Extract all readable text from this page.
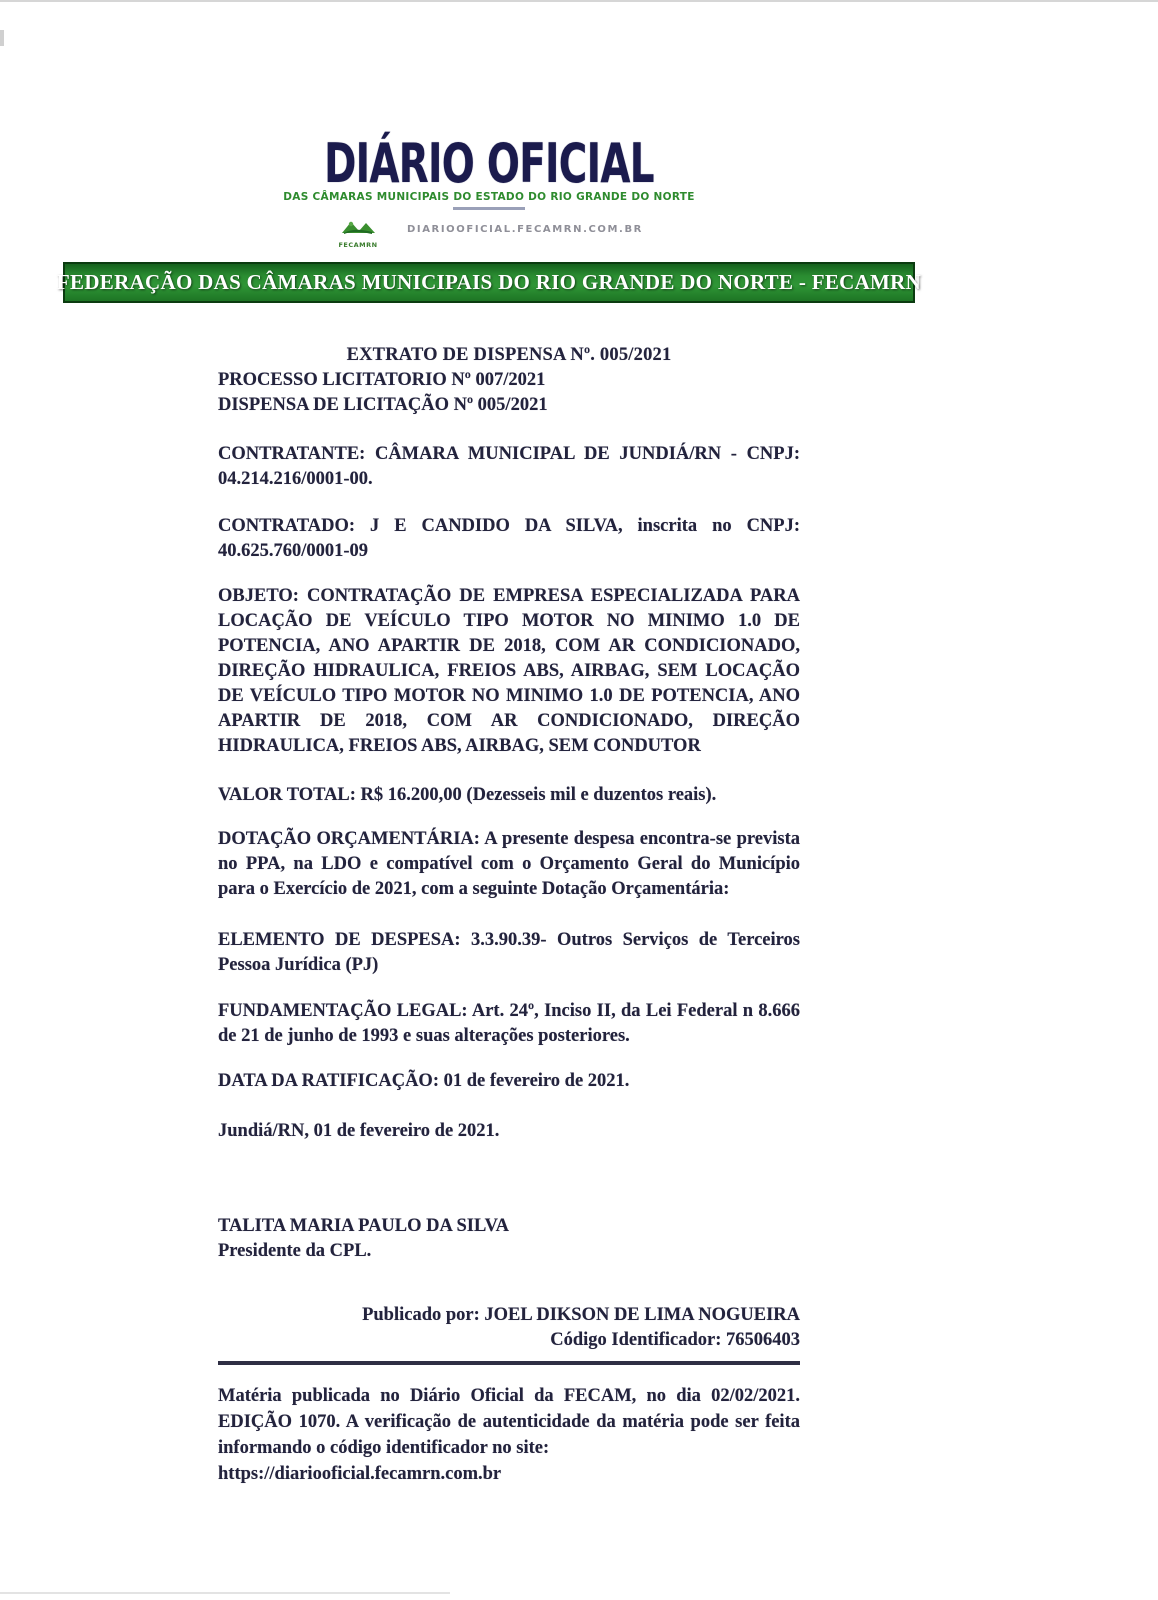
DIÁRIO OFICIAL
DAS CÂMARAS MUNICIPAIS DO ESTADO DO RIO GRANDE DO NORTE
FECAMRN
DIARIOOFICIAL.FECAMRN.COM.BR
FEDERAÇÃO DAS CÂMARAS MUNICIPAIS DO RIO GRANDE DO NORTE - FECAMRN

EXTRATO DE DISPENSA Nº. 005/2021

PROCESSO LICITATORIO Nº 007/2021
DISPENSA DE LICITAÇÃO Nº 005/2021

CONTRATANTE: CÂMARA MUNICIPAL DE JUNDIÁ/RN - CNPJ: 04.214.216/0001-00.

CONTRATADO: J E CANDIDO DA SILVA, inscrita no CNPJ: 40.625.760/0001-09

OBJETO: CONTRATAÇÃO DE EMPRESA ESPECIALIZADA PARA LOCAÇÃO DE VEÍCULO TIPO MOTOR NO MINIMO 1.0 DE POTENCIA, ANO APARTIR DE 2018, COM AR CONDICIONADO, DIREÇÃO HIDRAULICA, FREIOS ABS, AIRBAG, SEM LOCAÇÃO DE VEÍCULO TIPO MOTOR NO MINIMO 1.0 DE POTENCIA, ANO APARTIR DE 2018, COM AR CONDICIONADO, DIREÇÃO HIDRAULICA, FREIOS ABS, AIRBAG, SEM CONDUTOR

VALOR TOTAL: R$ 16.200,00 (Dezesseis mil e duzentos reais).

DOTAÇÃO ORÇAMENTÁRIA: A presente despesa encontra-se prevista no PPA, na LDO e compatível com o Orçamento Geral do Município para o Exercício de 2021, com a seguinte Dotação Orçamentária:

ELEMENTO DE DESPESA: 3.3.90.39- Outros Serviços de Terceiros Pessoa Jurídica (PJ)

FUNDAMENTAÇÃO LEGAL: Art. 24º, Inciso II, da Lei Federal n 8.666 de 21 de junho de 1993 e suas alterações posteriores.

DATA DA RATIFICAÇÃO: 01 de fevereiro de 2021.

Jundiá/RN, 01 de fevereiro de 2021.

TALITA MARIA PAULO DA SILVA
Presidente da CPL.
Publicado por: JOEL DIKSON DE LIMA NOGUEIRA
Código Identificador: 76506403
Matéria publicada no Diário Oficial da FECAM, no dia 02/02/2021. EDIÇÃO 1070. A verificação de autenticidade da matéria pode ser feita informando o código identificador no site:
https://diariooficial.fecamrn.com.br
